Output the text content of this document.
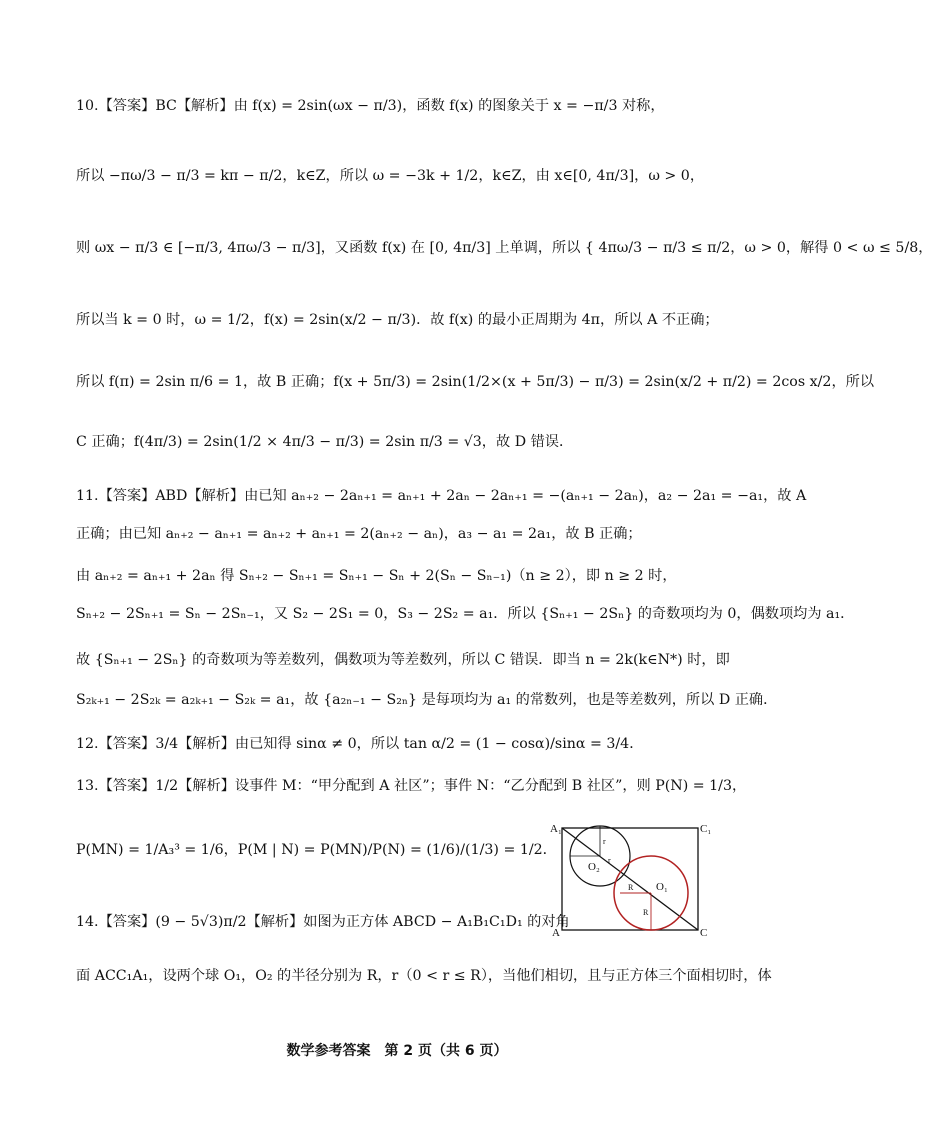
10.【答案】BC【解析】由 f(x) = 2sin(ωx − π/3)，函数 f(x) 的图象关于 x = −π/3 对称，
所以 −πω/3 − π/3 = kπ − π/2，k∈Z，所以 ω = −3k + 1/2，k∈Z，由 x∈[0, 4π/3]，ω > 0，
则 ωx − π/3 ∈ [−π/3, 4πω/3 − π/3]，又函数 f(x) 在 [0, 4π/3] 上单调，所以 { 4πω/3 − π/3 ≤ π/2，ω > 0，解得 0 < ω ≤ 5/8，
所以当 k = 0 时，ω = 1/2，f(x) = 2sin(x/2 − π/3)．故 f(x) 的最小正周期为 4π，所以 A 不正确；
所以 f(π) = 2sin π/6 = 1，故 B 正确；f(x + 5π/3) = 2sin(1/2×(x + 5π/3) − π/3) = 2sin(x/2 + π/2) = 2cos x/2，所以
C 正确；f(4π/3) = 2sin(1/2 × 4π/3 − π/3) = 2sin π/3 = √3，故 D 错误．
11.【答案】ABD【解析】由已知 aₙ₊₂ − 2aₙ₊₁ = aₙ₊₁ + 2aₙ − 2aₙ₊₁ = −(aₙ₊₁ − 2aₙ)，a₂ − 2a₁ = −a₁，故 A
正确；由已知 aₙ₊₂ − aₙ₊₁ = aₙ₊₂ + aₙ₊₁ = 2(aₙ₊₂ − aₙ)，a₃ − a₁ = 2a₁，故 B 正确；
由 aₙ₊₂ = aₙ₊₁ + 2aₙ 得 Sₙ₊₂ − Sₙ₊₁ = Sₙ₊₁ − Sₙ + 2(Sₙ − Sₙ₋₁)（n ≥ 2），即 n ≥ 2 时，
Sₙ₊₂ − 2Sₙ₊₁ = Sₙ − 2Sₙ₋₁，又 S₂ − 2S₁ = 0，S₃ − 2S₂ = a₁．所以 {Sₙ₊₁ − 2Sₙ} 的奇数项均为 0，偶数项均为 a₁．
故 {Sₙ₊₁ − 2Sₙ} 的奇数项为等差数列，偶数项为等差数列，所以 C 错误．即当 n = 2k(k∈N*) 时，即
S₂ₖ₊₁ − 2S₂ₖ = a₂ₖ₊₁ − S₂ₖ = a₁，故 {a₂ₙ₋₁ − S₂ₙ} 是每项均为 a₁ 的常数列，也是等差数列，所以 D 正确．
12.【答案】3/4【解析】由已知得 sinα ≠ 0，所以 tan α/2 = (1 − cosα)/sinα = 3/4．
13.【答案】1/2【解析】设事件 M：“甲分配到 A 社区”；事件 N：“乙分配到 B 社区”，则 P(N) = 1/3，
P(MN) = 1/A₃³ = 1/6，P(M | N) = P(MN)/P(N) = (1/6)/(1/3) = 1/2．
14.【答案】(9 − 5√3)π/2【解析】如图为正方体 ABCD − A₁B₁C₁D₁ 的对角
面 ACC₁A₁，设两个球 O₁，O₂ 的半径分别为 R，r（0 < r ≤ R），当他们相切，且与正方体三个面相切时，体
A₁	C₁
A	C
O₁
O₂
r
r
R
R
数学参考答案　第 2 页（共 6 页）
